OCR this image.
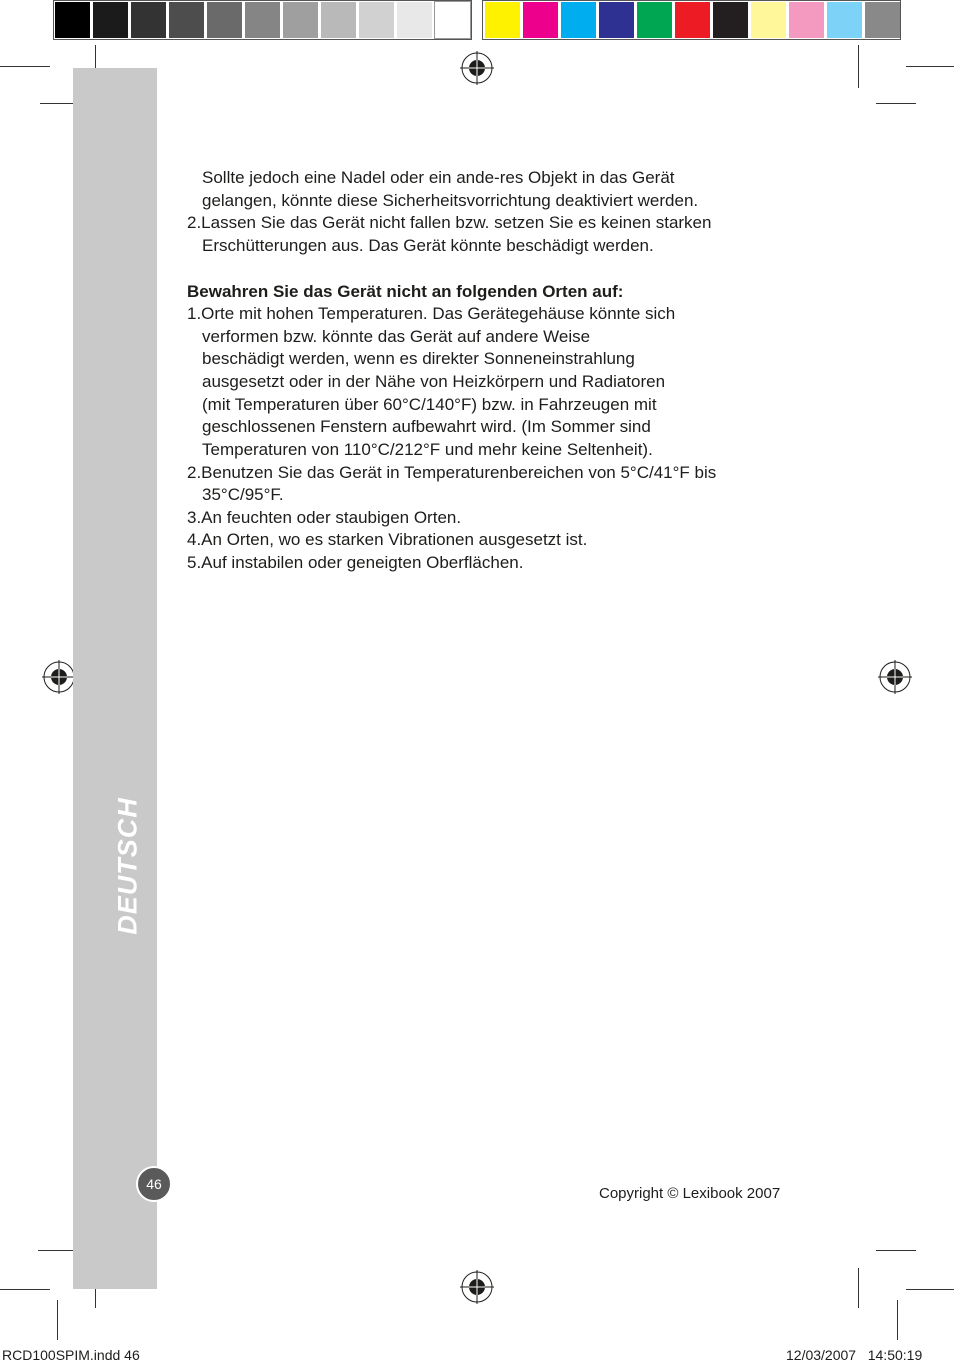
DEUTSCH
Sollte jedoch eine Nadel oder ein ande-res Objekt in das Gerät
gelangen, könnte diese Sicherheitsvorrichtung deaktiviert werden.
2.Lassen Sie das Gerät nicht fallen bzw. setzen Sie es keinen starken
Erschütterungen aus. Das Gerät könnte beschädigt werden.
Bewahren Sie das Gerät nicht an folgenden Orten auf:
1.Orte mit hohen Temperaturen. Das Gerätegehäuse könnte sich
verformen bzw. könnte das Gerät auf andere Weise
beschädigt werden, wenn es direkter Sonneneinstrahlung
ausgesetzt oder in der Nähe von Heizkörpern und Radiatoren
(mit Temperaturen über 60°C/140°F) bzw. in Fahrzeugen mit
geschlossenen Fenstern aufbewahrt wird. (Im Sommer sind
Temperaturen von 110°C/212°F und mehr keine Seltenheit).
2.Benutzen Sie das Gerät in Temperaturenbereichen von 5°C/41°F bis
35°C/95°F.
3.An feuchten oder staubigen Orten.
4.An Orten, wo es starken Vibrationen ausgesetzt ist.
5.Auf instabilen oder geneigten Oberflächen.
46
Copyright © Lexibook 2007
RCD100SPIM.indd 46	12/03/2007   14:50:19
